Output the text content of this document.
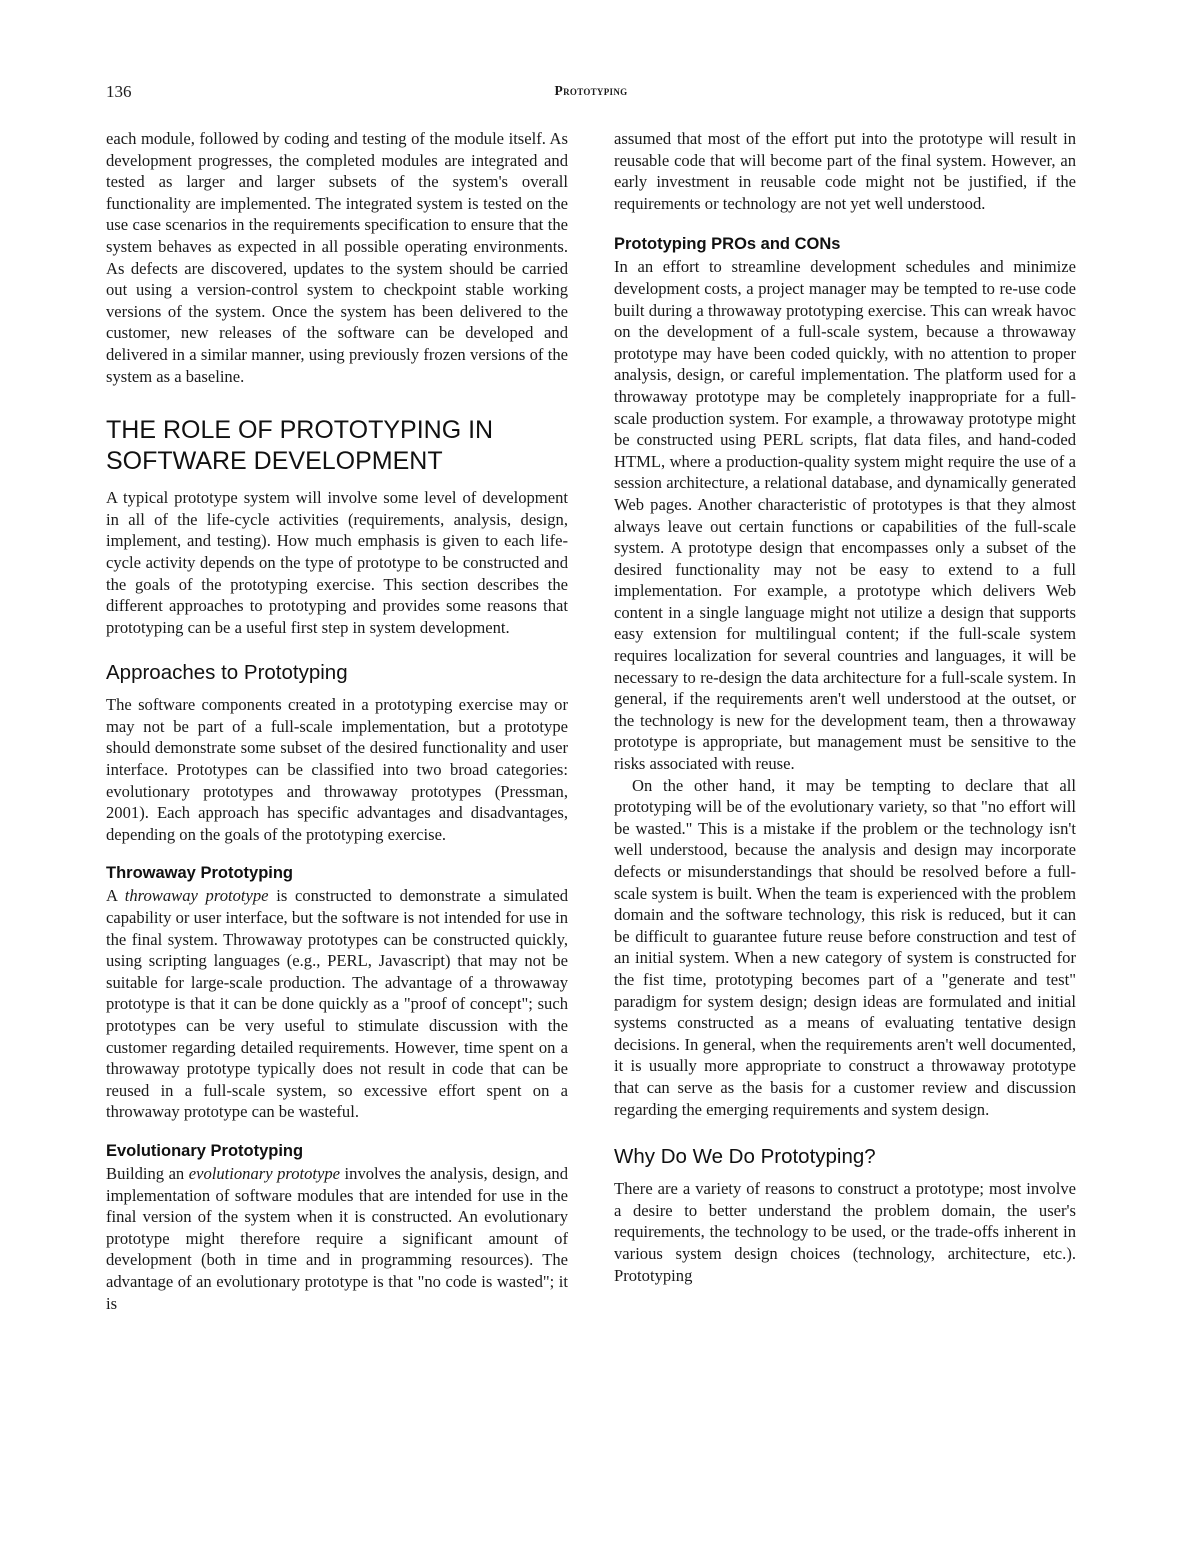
136	Prototyping

each module, followed by coding and testing of the module itself. As development progresses, the completed modules are integrated and tested as larger and larger subsets of the system's overall functionality are implemented. The integrated system is tested on the use case scenarios in the requirements specification to ensure that the system behaves as expected in all possible operating environments. As defects are discovered, updates to the system should be carried out using a version-control system to checkpoint stable working versions of the system. Once the system has been delivered to the customer, new releases of the software can be developed and delivered in a similar manner, using previously frozen versions of the system as a baseline.

THE ROLE OF PROTOTYPING IN SOFTWARE DEVELOPMENT

A typical prototype system will involve some level of development in all of the life-cycle activities (requirements, analysis, design, implement, and testing). How much emphasis is given to each life-cycle activity depends on the type of prototype to be constructed and the goals of the prototyping exercise. This section describes the different approaches to prototyping and provides some reasons that prototyping can be a useful first step in system development.

Approaches to Prototyping

The software components created in a prototyping exercise may or may not be part of a full-scale implementation, but a prototype should demonstrate some subset of the desired functionality and user interface. Prototypes can be classified into two broad categories: evolutionary prototypes and throwaway prototypes (Pressman, 2001). Each approach has specific advantages and disadvantages, depending on the goals of the prototyping exercise.

Throwaway Prototyping

A throwaway prototype is constructed to demonstrate a simulated capability or user interface, but the software is not intended for use in the final system. Throwaway prototypes can be constructed quickly, using scripting languages (e.g., PERL, Javascript) that may not be suitable for large-scale production. The advantage of a throwaway prototype is that it can be done quickly as a "proof of concept"; such prototypes can be very useful to stimulate discussion with the customer regarding detailed requirements. However, time spent on a throwaway prototype typically does not result in code that can be reused in a full-scale system, so excessive effort spent on a throwaway prototype can be wasteful.

Evolutionary Prototyping

Building an evolutionary prototype involves the analysis, design, and implementation of software modules that are intended for use in the final version of the system when it is constructed. An evolutionary prototype might therefore require a significant amount of development (both in time and in programming resources). The advantage of an evolutionary prototype is that "no code is wasted"; it is

assumed that most of the effort put into the prototype will result in reusable code that will become part of the final system. However, an early investment in reusable code might not be justified, if the requirements or technology are not yet well understood.

Prototyping PROs and CONs

In an effort to streamline development schedules and minimize development costs, a project manager may be tempted to re-use code built during a throwaway prototyping exercise. This can wreak havoc on the development of a full-scale system, because a throwaway prototype may have been coded quickly, with no attention to proper analysis, design, or careful implementation. The platform used for a throwaway prototype may be completely inappropriate for a full-scale production system. For example, a throwaway prototype might be constructed using PERL scripts, flat data files, and hand-coded HTML, where a production-quality system might require the use of a session architecture, a relational database, and dynamically generated Web pages. Another characteristic of prototypes is that they almost always leave out certain functions or capabilities of the full-scale system. A prototype design that encompasses only a subset of the desired functionality may not be easy to extend to a full implementation. For example, a prototype which delivers Web content in a single language might not utilize a design that supports easy extension for multilingual content; if the full-scale system requires localization for several countries and languages, it will be necessary to re-design the data architecture for a full-scale system. In general, if the requirements aren't well understood at the outset, or the technology is new for the development team, then a throwaway prototype is appropriate, but management must be sensitive to the risks associated with reuse.

On the other hand, it may be tempting to declare that all prototyping will be of the evolutionary variety, so that "no effort will be wasted." This is a mistake if the problem or the technology isn't well understood, because the analysis and design may incorporate defects or misunderstandings that should be resolved before a full-scale system is built. When the team is experienced with the problem domain and the software technology, this risk is reduced, but it can be difficult to guarantee future reuse before construction and test of an initial system. When a new category of system is constructed for the fist time, prototyping becomes part of a "generate and test" paradigm for system design; design ideas are formulated and initial systems constructed as a means of evaluating tentative design decisions. In general, when the requirements aren't well documented, it is usually more appropriate to construct a throwaway prototype that can serve as the basis for a customer review and discussion regarding the emerging requirements and system design.

Why Do We Do Prototyping?

There are a variety of reasons to construct a prototype; most involve a desire to better understand the problem domain, the user's requirements, the technology to be used, or the trade-offs inherent in various system design choices (technology, architecture, etc.). Prototyping
